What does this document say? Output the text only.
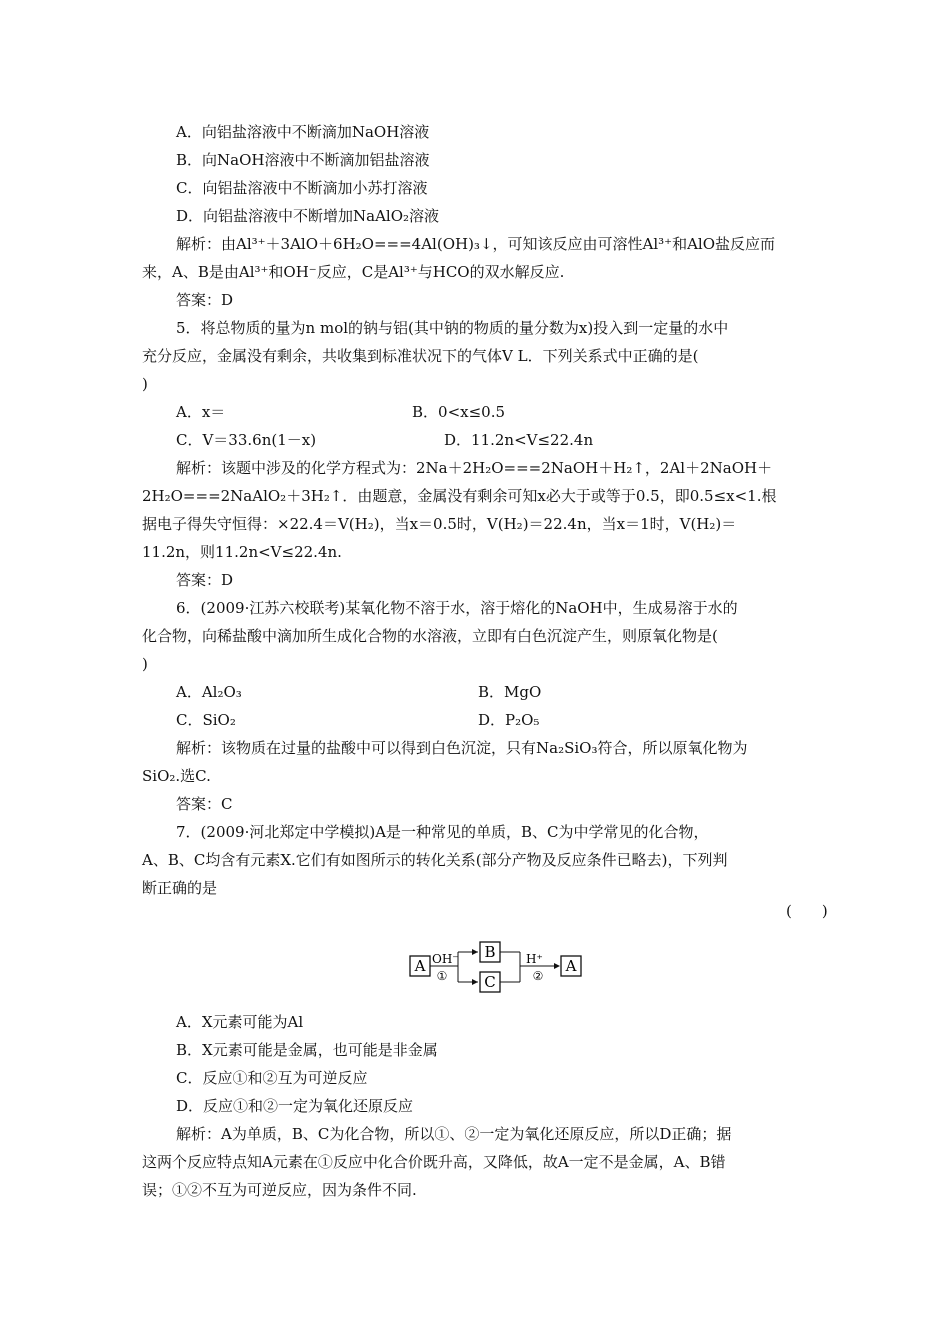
A．向铝盐溶液中不断滴加NaOH溶液
B．向NaOH溶液中不断滴加铝盐溶液
C．向铝盐溶液中不断滴加小苏打溶液
D．向铝盐溶液中不断增加NaAlO₂溶液
解析：由Al³⁺＋3AlO＋6H₂O===4Al(OH)₃↓，可知该反应由可溶性Al³⁺和AlO盐反应而
来，A、B是由Al³⁺和OH⁻反应，C是Al³⁺与HCO的双水解反应.
答案：D
5．将总物质的量为n mol的钠与铝(其中钠的物质的量分数为x)投入到一定量的水中
充分反应，金属没有剩余，共收集到标准状况下的气体V L．下列关系式中正确的是(
)
解析：该题中涉及的化学方程式为：2Na＋2H₂O===2NaOH＋H₂↑，2Al＋2NaOH＋
2H₂O===2NaAlO₂＋3H₂↑．由题意，金属没有剩余可知x必大于或等于0.5，即0.5≤x<1.根
据电子得失守恒得：×22.4＝V(H₂)，当x＝0.5时，V(H₂)＝22.4n，当x＝1时，V(H₂)＝
11.2n，则11.2n<V≤22.4n.
答案：D
6．(2009·江苏六校联考)某氧化物不溶于水，溶于熔化的NaOH中，生成易溶于水的
化合物，向稀盐酸中滴加所生成化合物的水溶液，立即有白色沉淀产生，则原氧化物是(
)
解析：该物质在过量的盐酸中可以得到白色沉淀，只有Na₂SiO₃符合，所以原氧化物为
SiO₂.选C.
答案：C
7．(2009·河北郑定中学模拟)A是一种常见的单质，B、C为中学常见的化合物，
A、B、C均含有元素X.它们有如图所示的转化关系(部分产物及反应条件已略去)，下列判
断正确的是
A．X元素可能为Al
B．X元素可能是金属，也可能是非金属
C．反应①和②互为可逆反应
D．反应①和②一定为氧化还原反应
解析：A为单质，B、C为化合物，所以①、②一定为氧化还原反应，所以D正确；据
这两个反应特点知A元素在①反应中化合价既升高，又降低，故A一定不是金属，A、B错
误；①②不互为可逆反应，因为条件不同.
A．x＝	B．0<x≤0.5
C．V＝33.6n(1－x)	D．11.2n<V≤22.4n
A．Al₂O₃	B．MgO
C．SiO₂	D．P₂O₅
(　　)
A OH⁻
①
B
C
H⁺
②
A
